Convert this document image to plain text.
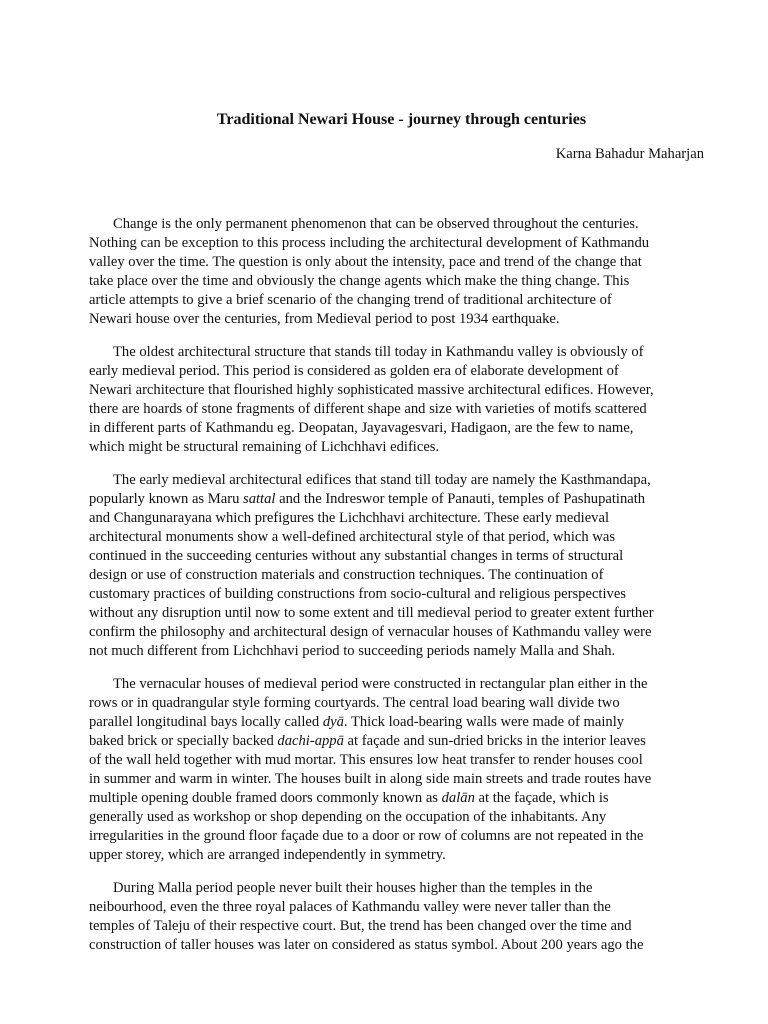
Traditional Newari House - journey through centuries

Karna Bahadur Maharjan

Change is the only permanent phenomenon that can be observed throughout the centuries.
Nothing can be exception to this process including the architectural development of Kathmandu
valley over the time. The question is only about the intensity, pace and trend of the change that
take place over the time and obviously the change agents which make the thing change. This
article attempts to give a brief scenario of the changing trend of traditional architecture of
Newari house over the centuries, from Medieval period to post 1934 earthquake.

The oldest architectural structure that stands till today in Kathmandu valley is obviously of
early medieval period. This period is considered as golden era of elaborate development of
Newari architecture that flourished highly sophisticated massive architectural edifices. However,
there are hoards of stone fragments of different shape and size with varieties of motifs scattered
in different parts of Kathmandu eg. Deopatan, Jayavagesvari, Hadigaon, are the few to name,
which might be structural remaining of Lichchhavi edifices.

The early medieval architectural edifices that stand till today are namely the Kasthmandapa,
popularly known as Maru sattal and the Indreswor temple of Panauti, temples of Pashupatinath
and Changunarayana which prefigures the Lichchhavi architecture. These early medieval
architectural monuments show a well-defined architectural style of that period, which was
continued in the succeeding centuries without any substantial changes in terms of structural
design or use of construction materials and construction techniques. The continuation of
customary practices of building constructions from socio-cultural and religious perspectives
without any disruption until now to some extent and till medieval period to greater extent further
confirm the philosophy and architectural design of vernacular houses of Kathmandu valley were
not much different from Lichchhavi period to succeeding periods namely Malla and Shah.

The vernacular houses of medieval period were constructed in rectangular plan either in the
rows or in quadrangular style forming courtyards. The central load bearing wall divide two
parallel longitudinal bays locally called dyā. Thick load-bearing walls were made of mainly
baked brick or specially backed dachi-appā at façade and sun-dried bricks in the interior leaves
of the wall held together with mud mortar. This ensures low heat transfer to render houses cool
in summer and warm in winter. The houses built in along side main streets and trade routes have
multiple opening double framed doors commonly known as dalān at the façade, which is
generally used as workshop or shop depending on the occupation of the inhabitants. Any
irregularities in the ground floor façade due to a door or row of columns are not repeated in the
upper storey, which are arranged independently in symmetry.

During Malla period people never built their houses higher than the temples in the
neibourhood, even the three royal palaces of Kathmandu valley were never taller than the
temples of Taleju of their respective court. But, the trend has been changed over the time and
construction of taller houses was later on considered as status symbol. About 200 years ago the
